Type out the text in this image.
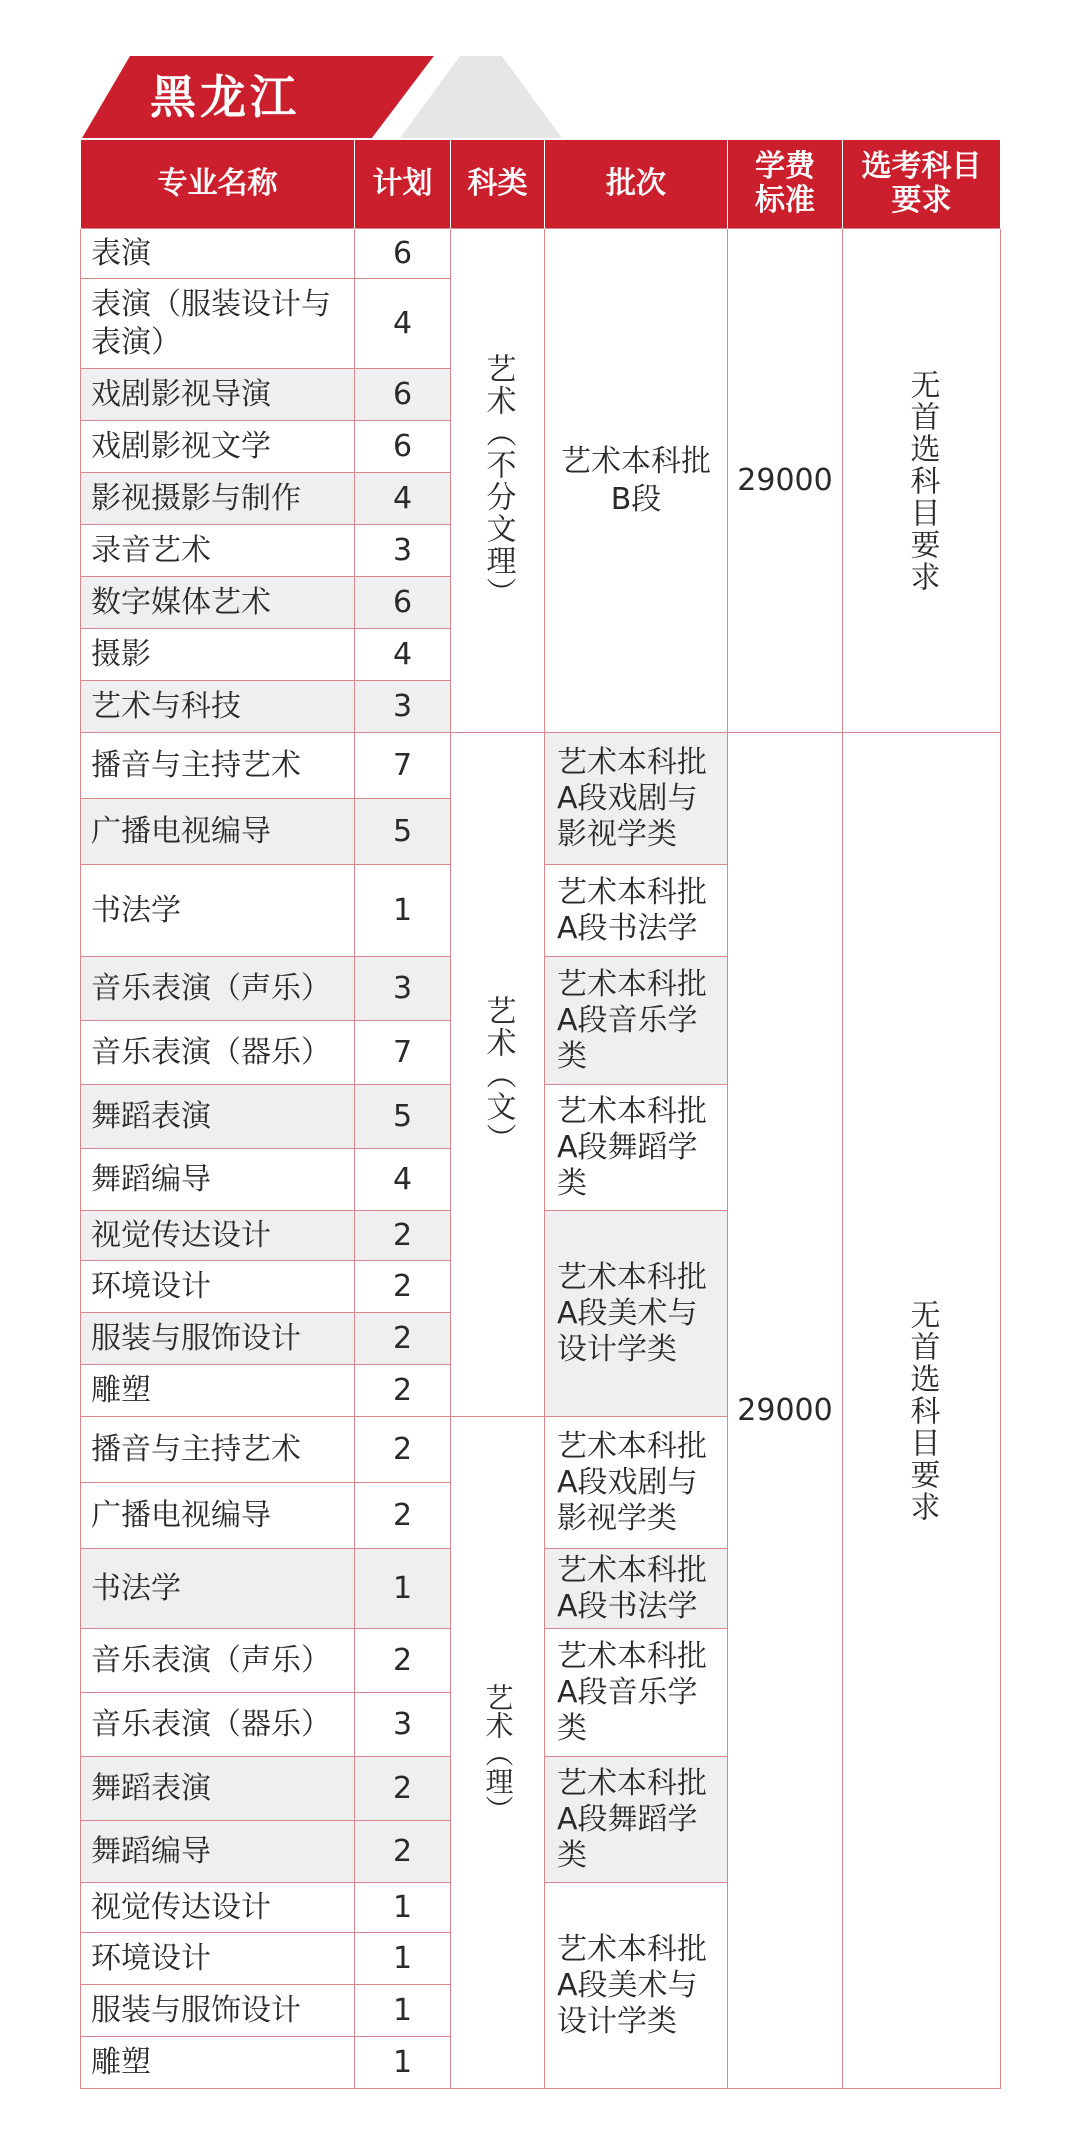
黑龙江
专业名称	计划	科类	批次	学费标准	选考科目要求
表演	6	艺术（不分文理）	艺术本科批B段	29000	无首选科目要求

表演（服装设计与表演）	4				
戏剧影视导演	6				
戏剧影视文学	6				
影视摄影与制作	4				
录音艺术	3				
数字媒体艺术	6				
摄影	4				
艺术与科技	3				
播音与主持艺术	7	艺术（文）	艺术本科批A段戏剧与影视学类	29000	无首选科目要求

广播电视编导	5				
书法学	1		艺术本科批A段书法学		
音乐表演（声乐）	3		艺术本科批A段音乐学类		
音乐表演（器乐）	7				
舞蹈表演	5		艺术本科批A段舞蹈学类		
舞蹈编导	4				
视觉传达设计	2		艺术本科批A段美术与设计学类		
环境设计	2				
服装与服饰设计	2				
雕塑	2				
播音与主持艺术	2	艺术（理）	艺术本科批A段戏剧与影视学类		
广播电视编导	2				
书法学	1		艺术本科批A段书法学		
音乐表演（声乐）	2		艺术本科批A段音乐学类		
音乐表演（器乐）	3				
舞蹈表演	2		艺术本科批A段舞蹈学类		
舞蹈编导	2				
视觉传达设计	1		艺术本科批A段美术与设计学类		
环境设计	1				
服装与服饰设计	1				
雕塑	1				
